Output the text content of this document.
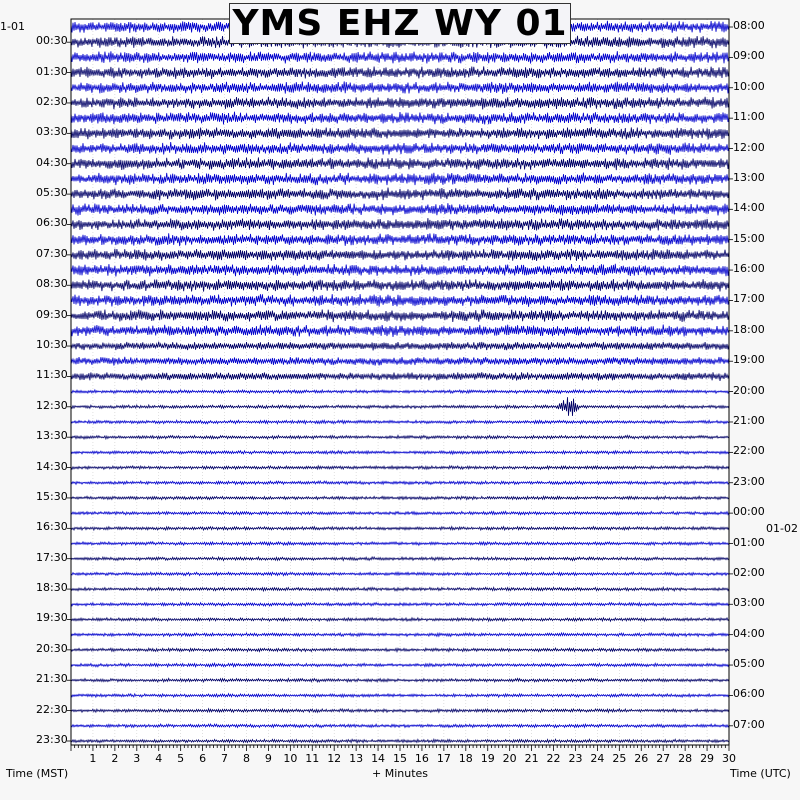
YMS EHZ WY 01
1-01
Time (MST)	+ Minutes	Time (UTC)
01-02
00:30
01:30
02:30
03:30
04:30
05:30
06:30
07:30
08:30
09:30
10:30
11:30
12:30
13:30
14:30
15:30
16:30
17:30
18:30
19:30
20:30
21:30
22:30
23:30
08:00
09:00
10:00
11:00
12:00
13:00
14:00
15:00
16:00
17:00
18:00
19:00
20:00
21:00
22:00
23:00
00:00
01:00
02:00
03:00
04:00
05:00
06:00
07:00
1 2 3 4 5 6 7 8 9 10 11 12 13 14 15 16 17 18 19 20 21 22 23 24 25 26 27 28 29 30
